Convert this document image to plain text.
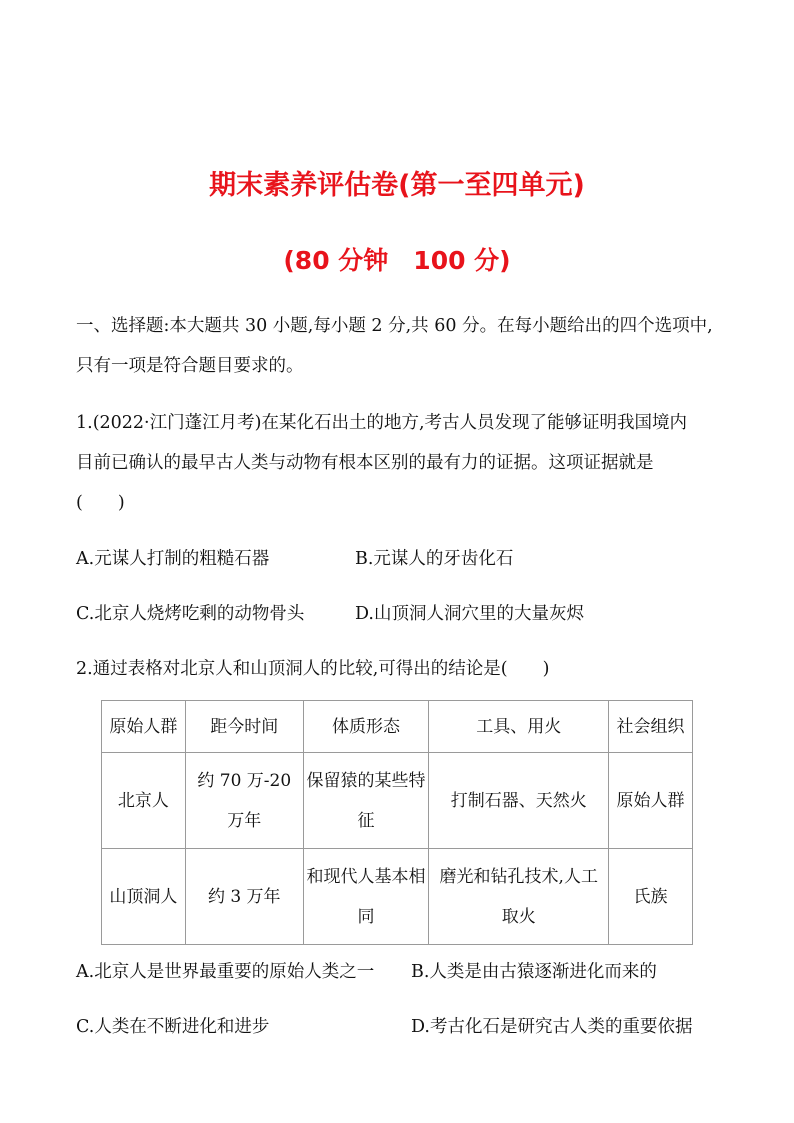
期末素养评估卷(第一至四单元)
(80 分钟　100 分)

一、选择题:本大题共 30 小题,每小题 2 分,共 60 分。在每小题给出的四个选项中,

只有一项是符合题目要求的。

1.(2022·江门蓬江月考)在某化石出土的地方,考古人员发现了能够证明我国境内

目前已确认的最早古人类与动物有根本区别的最有力的证据。这项证据就是

(　　)

A.元谋人打制的粗糙石器	B.元谋人的牙齿化石

C.北京人烧烤吃剩的动物骨头	D.山顶洞人洞穴里的大量灰烬

2.通过表格对北京人和山顶洞人的比较,可得出的结论是(　　)

原始人群	距今时间	体质形态	工具、用火	社会组织
北京人	约 70 万-20 万年	保留猿的某些特征	打制石器、天然火	原始人群
山顶洞人	约 3 万年	和现代人基本相同	磨光和钻孔技术,人工取火	氏族

A.北京人是世界最重要的原始人类之一 B.人类是由古猿逐渐进化而来的

C.人类在不断进化和进步	D.考古化石是研究古人类的重要依据
